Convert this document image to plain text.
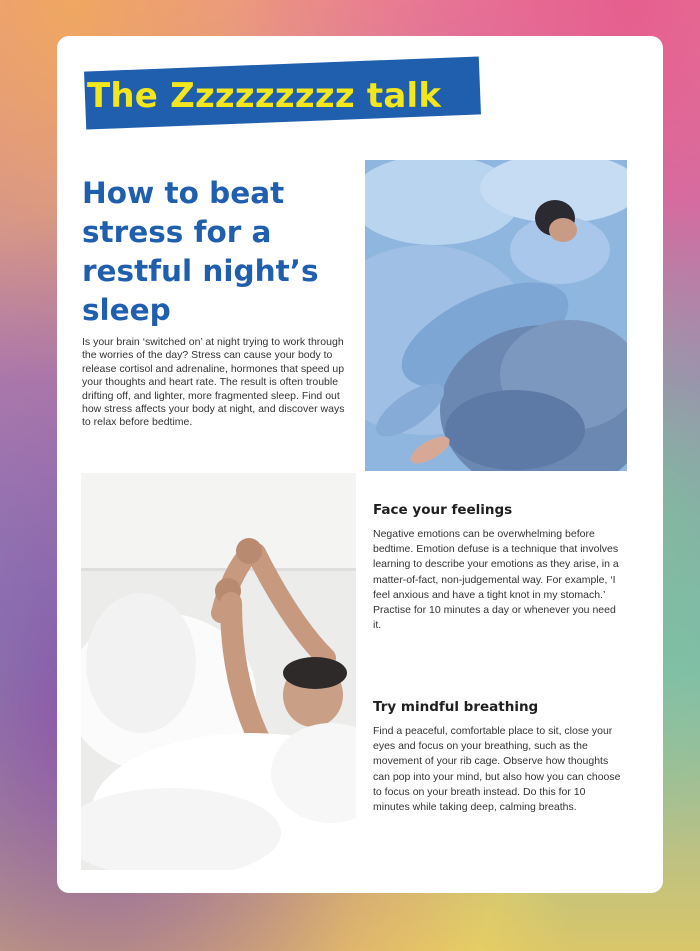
The Zzzzzzzzz talk
How to beat stress for a restful night’s sleep
Is your brain ‘switched on’ at night trying to work through the worries of the day? Stress can cause your body to release cortisol and adrenaline, hormones that speed up your thoughts and heart rate. The result is often trouble drifting off, and lighter, more fragmented sleep. Find out how stress affects your body at night, and discover ways to relax before bedtime.
Face your feelings
Negative emotions can be overwhelming before bedtime. Emotion defuse is a technique that involves learning to describe your emotions as they arise, in a matter-of-fact, non-judgemental way. For example, ‘I feel anxious and have a tight knot in my stomach.’ Practise for 10 minutes a day or whenever you need it.
Try mindful breathing
Find a peaceful, comfortable place to sit, close your eyes and focus on your breathing, such as the movement of your rib cage. Observe how thoughts can pop into your mind, but also how you can choose to focus on your breath instead. Do this for 10 minutes while taking deep, calming breaths.
